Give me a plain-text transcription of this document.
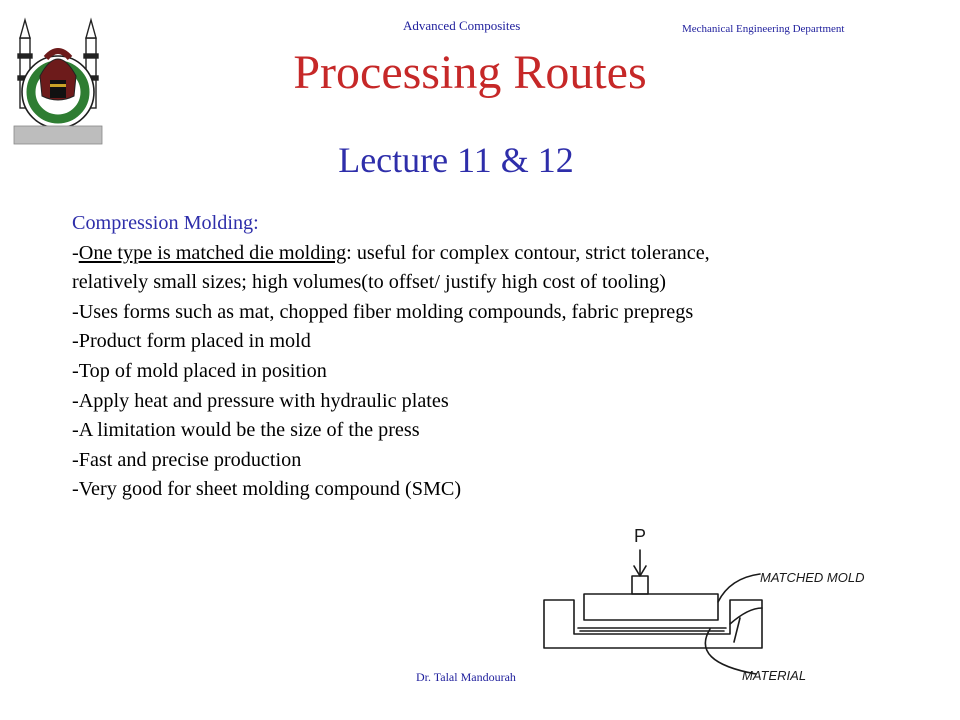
Advanced Composites	Mechanical Engineering Department
Processing Routes
Lecture 11 & 12
Compression Molding:
-One type is matched die molding: useful for complex contour, strict tolerance,
relatively small sizes; high volumes(to offset/ justify high cost of tooling)
-Uses forms such as mat, chopped fiber molding compounds, fabric prepregs
-Product form placed in mold
-Top of mold placed in position
-Apply heat and pressure with hydraulic plates
-A limitation would be the size of the press
-Fast and precise production
-Very good for sheet molding compound (SMC)
P
MATCHED MOLD
MATERIAL
Dr. Talal Mandourah
